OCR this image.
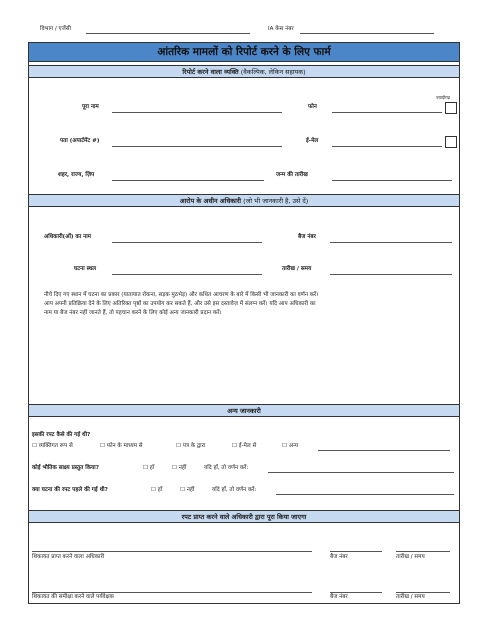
विभाग / एजेंसी	IA केस नंबर
आंतरिक मामलों को रिपोर्ट करने के लिए फार्म
रिपोर्ट करने वाला व्यक्ति (वैकल्पिक, लेकिन सहायक)
ज्यादीगढ़
पूरा नाम	फोन
पता (अपार्टमेंट #)	ई-मेल
शहर, राज्य, ज़िप	जन्म की तारीख
आरोप के अधीन अधिकारी (जो भी जानकारी है, उसे दें)
अधिकारी(ओं) का नाम	बैज नंबर
घटना स्थल	तारीख / समय
नीचे दिए गए स्थान में घटना का प्रकार (यातायात रोकना, सड़क मुठभेड़) और कथित आचरण के बारे में किसी भी जानकारी का वर्णन करें।
आप अपनी प्रतिक्रिया देने के लिए अतिरिक्त पृष्ठों का उपयोग कर सकते हैं, और उसे इस दस्तावेज़ में संलग्न करें। यदि आप अधिकारी का
नाम या बैज नंबर नहीं जानते हैं, तो पहचान करने के लिए कोई अन्य जानकारी प्रदान करें।
अन्य जानकारी
इसकी रपट कैसे की गई थी?
☐ व्यक्तिगत रूप से	☐ फोन के माध्यम से	☐ पत्र के द्वारा	☐ ई-मेल से	☐ अन्य
कोई भौतिक साक्ष्य प्रस्तुत किया?	☐ हाँ	☐ नहीं	यदि हाँ, तो वर्णन करें:
क्या घटना की रपट पहले की गई थी?	☐ हाँ	☐ नहीं	यदि हाँ, तो वर्णन करें:
रपट प्राप्त करने वाले अधिकारी द्वारा पूरा किया जाएगा
शिकायत प्राप्त करने वाला अधिकारी	बैज नंबर	तारीख / समय
शिकायत की समीक्षा करने वाले पर्यवेक्षक	बैज नंबर	तारीख / समय
